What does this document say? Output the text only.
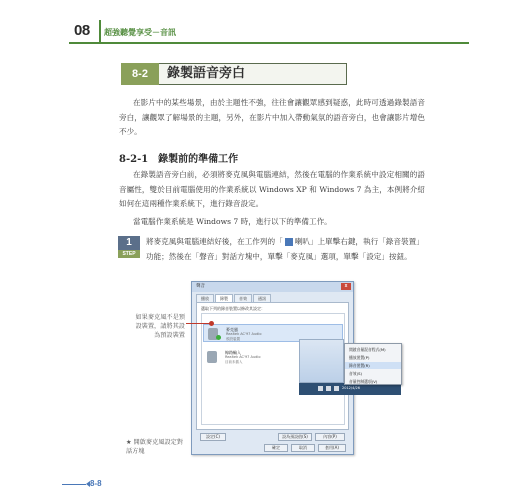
08 超強聽覺享受－音訊
8-2	錄製語音旁白

在影片中的某些場景，由於主題性不強，往往會讓觀眾感到疑惑，此時可透過錄製語音旁白，讓觀眾了解場景的主題，另外，在影片中加入帶動氣氛的語音旁白，也會讓影片增色不少。

8-2-1　錄製前的準備工作

在錄製語音旁白前，必須將麥克風與電腦連結，然後在電腦的作業系統中設定相關的語音屬性，雙於目前電腦使用的作業系統以 Windows XP 和 Windows 7 為主，本例將介紹如何在這兩種作業系統下，進行錄音設定。

當電腦作業系統是 Windows 7 時，進行以下的準備工作。

1
STEP

將麥克風與電腦連結好後，在工作列的「 喇叭」上單擊右鍵，執行「錄音裝置」功能；然後在「聲音」對話方塊中，單擊「麥克風」選項，單擊「設定」按鈕。

聲音	x
播放	錄製	音效	通訊
選取下列的錄音裝置以修改其設定：
麥克風
Realtek AC'97 Audio
預設裝置
線路輸入
Realtek AC'97 Audio
目前未插入
設定(C)	設為預設值(S)	內容(P)
確定	取消	套用(A)
2012/4/26
開啟音量混音程式(M)
播放裝置(P)
錄音裝置(R)
音效(S)
音量控制選項(V)
如果麥克風不是預設裝置，請將其設為預設裝置
★ 開啟麥克風設定對話方塊
8-8
